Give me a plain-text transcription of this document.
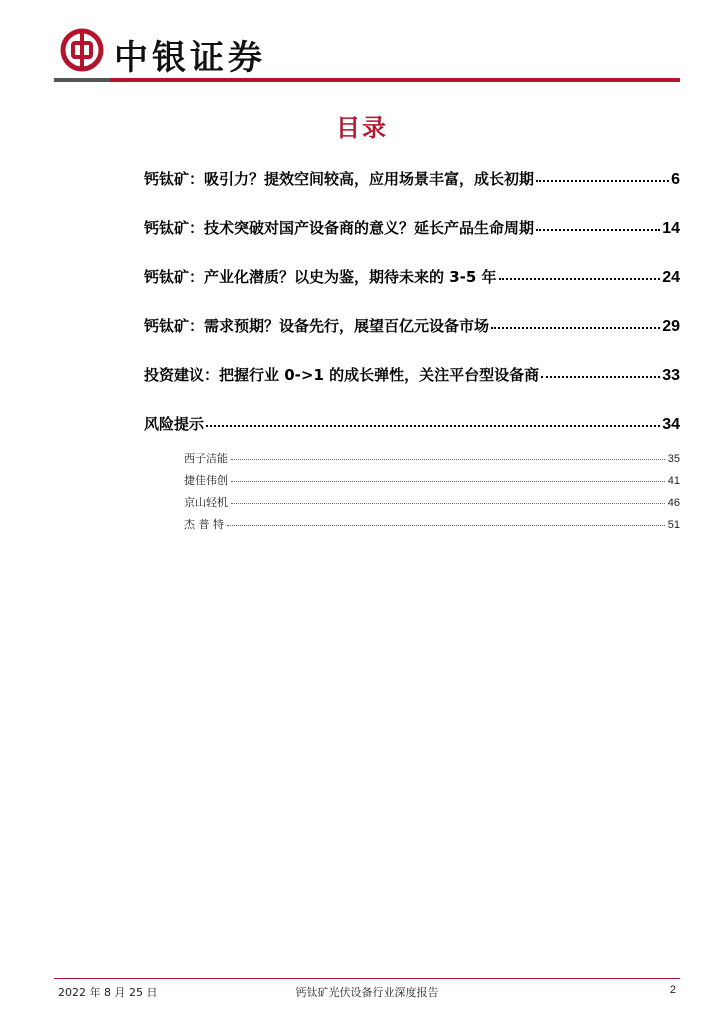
中银证券
目录
钙钛矿：吸引力？提效空间较高，应用场景丰富，成长初期	6
钙钛矿：技术突破对国产设备商的意义？延长产品生命周期	14
钙钛矿：产业化潜质？以史为鉴，期待未来的 3-5 年	24
钙钛矿：需求预期？设备先行，展望百亿元设备市场	29
投资建议：把握行业 0->1 的成长弹性，关注平台型设备商	33
风险提示	34
西子洁能	35
捷佳伟创	41
京山轻机	46
杰 普 特	51
2022 年 8 月 25 日	钙钛矿光伏设备行业深度报告	2
